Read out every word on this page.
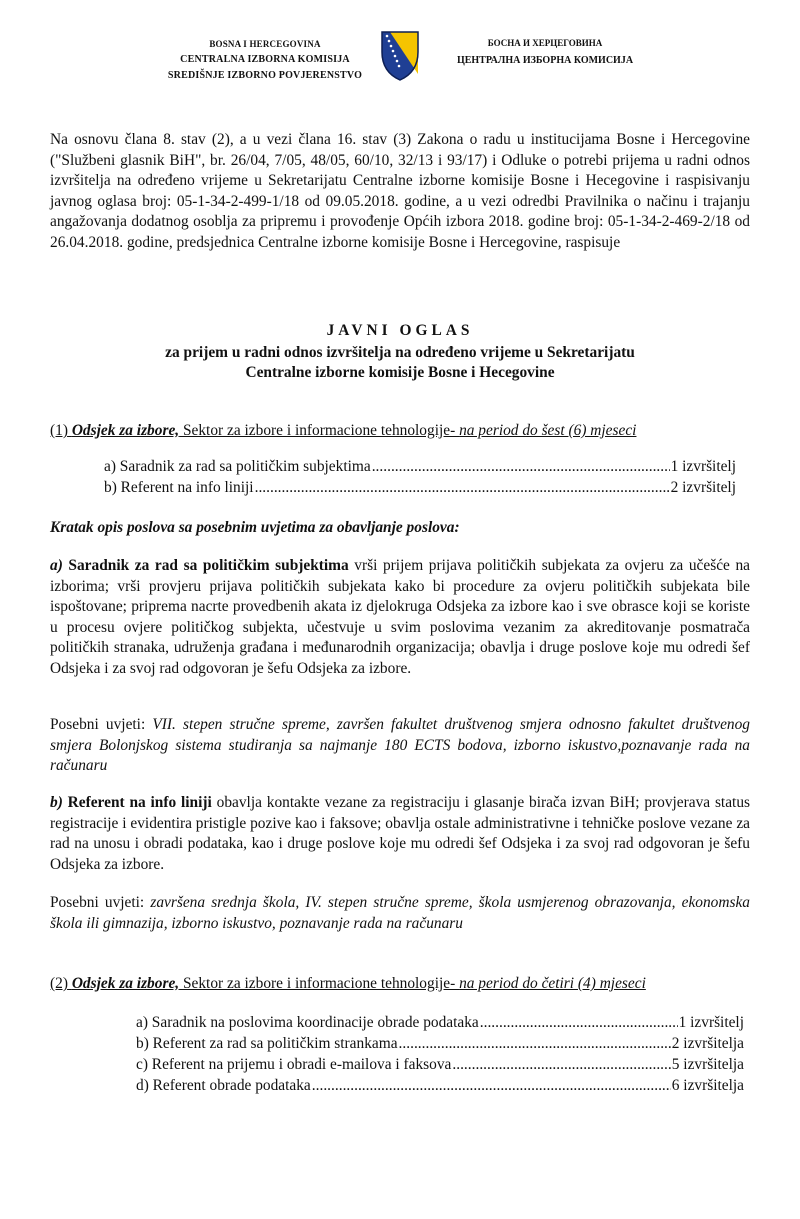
BOSNA I HERCEGOVINA
CENTRALNA IZBORNA KOMISIJA
SREDIŠNJE IZBORNO POVJERENSTVO
БОСНА И ХЕРЦЕГОВИНА
ЦЕНТРАЛНА ИЗБОРНА КОМИСИЈА
Na osnovu člana 8. stav (2), a u vezi člana 16. stav (3) Zakona o radu u institucijama Bosne i Hercegovine ("Službeni glasnik BiH", br. 26/04, 7/05, 48/05, 60/10, 32/13 i 93/17) i Odluke o potrebi prijema u radni odnos izvršitelja na određeno vrijeme u Sekretarijatu Centralne izborne komisije Bosne i Hecegovine i raspisivanju javnog oglasa broj: 05-1-34-2-499-1/18 od 09.05.2018. godine, a u vezi odredbi Pravilnika o načinu i trajanju angažovanja dodatnog osoblja za pripremu i provođenje Općih izbora 2018. godine broj: 05-1-34-2-469-2/18 od 26.04.2018. godine, predsjednica Centralne izborne komisije Bosne i Hercegovine, raspisuje
JAVNI OGLAS
za prijem u radni odnos izvršitelja na određeno vrijeme u Sekretarijatu
Centralne izborne komisije Bosne i Hecegovine
(1) Odsjek za izbore, Sektor za izbore i informacione tehnologije- na period do šest (6) mjeseci
a) Saradnik za rad sa političkim subjektima .....	1 izvršitelj
b) Referent na info liniji .....	2 izvršitelj
Kratak opis poslova sa posebnim uvjetima za obavljanje poslova:
a) Saradnik za rad sa političkim subjektima vrši prijem prijava političkih subjekata za ovjeru za učešće na izborima; vrši provjeru prijava političkih subjekata kako bi procedure za ovjeru političkih subjekata bile ispoštovane; priprema nacrte provedbenih akata iz djelokruga Odsjeka za izbore kao i sve obrasce koji se koriste u procesu ovjere političkog subjekta, učestvuje u svim poslovima vezanim za akreditovanje posmatrača političkih stranaka, udruženja građana i međunarodnih organizacija; obavlja i druge poslove koje mu odredi šef Odsjeka i za svoj rad odgovoran je šefu Odsjeka za izbore.
Posebni uvjeti: VII. stepen stručne spreme, završen fakultet društvenog smjera odnosno fakultet društvenog smjera Bolonjskog sistema studiranja sa najmanje 180 ECTS bodova, izborno iskustvo,poznavanje rada na računaru
b) Referent na info liniji obavlja kontakte vezane za registraciju i glasanje birača izvan BiH; provjerava status registracije i evidentira pristigle pozive kao i faksove; obavlja ostale administrativne i tehničke poslove vezane za rad na unosu i obradi podataka, kao i druge poslove koje mu odredi šef Odsjeka i za svoj rad odgovoran je šefu Odsjeka za izbore.
Posebni uvjeti: završena srednja škola, IV. stepen stručne spreme, škola usmjerenog obrazovanja, ekonomska škola ili gimnazija, izborno iskustvo, poznavanje rada na računaru
(2) Odsjek za izbore, Sektor za izbore i informacione tehnologije- na period do četiri (4) mjeseci
a) Saradnik na poslovima koordinacije obrade podataka .....	1 izvršitelj
b) Referent za rad sa političkim strankama .....	2 izvršitelja
c) Referent na prijemu i obradi e-mailova i faksova .....	5 izvršitelja
d) Referent obrade podataka .....	6 izvršitelja
